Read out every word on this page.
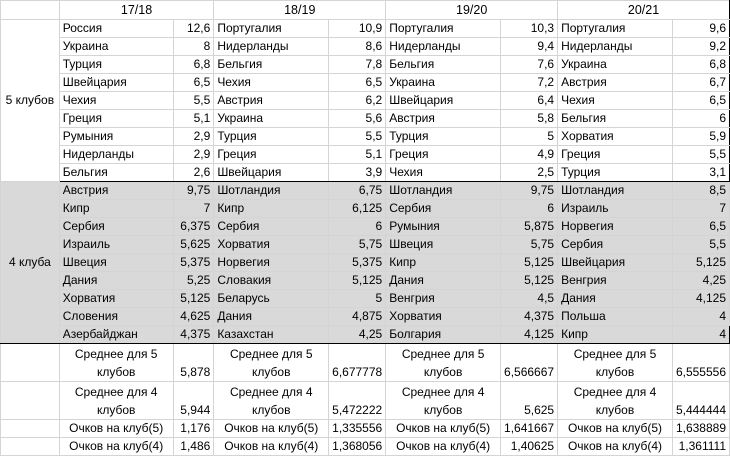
	17/18		18/19		19/20		20/21	
5 клубов	Россия	12,6	Португалия	10,9	Португалия	10,3	Португалия	9,6
	Украина	8	Нидерланды	8,6	Нидерланды	9,4	Нидерланды	9,2
	Турция	6,8	Бельгия	7,8	Бельгия	7,6	Украина	6,8
	Швейцария	6,5	Чехия	6,5	Украина	7,2	Австрия	6,7
	Чехия	5,5	Австрия	6,2	Швейцария	6,4	Чехия	6,5
	Греция	5,1	Украина	5,6	Австрия	5,8	Бельгия	6
	Румыния	2,9	Турция	5,5	Турция	5	Хорватия	5,9
	Нидерланды	2,9	Греция	5,1	Греция	4,9	Греция	5,5
	Бельгия	2,6	Швейцария	3,9	Чехия	2,5	Турция	3,1
4 клуба	Австрия	9,75	Шотландия	6,75	Шотландия	9,75	Шотландия	8,5
	Кипр	7	Кипр	6,125	Сербия	6	Израиль	7
	Сербия	6,375	Сербия	6	Румыния	5,875	Норвегия	6,5
	Израиль	5,625	Хорватия	5,75	Швеция	5,75	Сербия	5,5
	Швеция	5,375	Норвегия	5,375	Кипр	5,125	Швейцария	5,125
	Дания	5,25	Словакия	5,125	Дания	5,125	Венгрия	4,25
	Хорватия	5,125	Беларусь	5	Венгрия	4,5	Дания	4,125
	Словения	4,625	Дания	4,875	Хорватия	4,375	Польша	4
	Азербайджан	4,375	Казахстан	4,25	Болгария	4,125	Кипр	4
	Среднее для 5 клубов	5,878	Среднее для 5 клубов	6,677778	Среднее для 5 клубов	6,566667	Среднее для 5 клубов	6,555556
	Среднее для 4 клубов	5,944	Среднее для 4 клубов	5,472222	Среднее для 4 клубов	5,625	Среднее для 4 клубов	5,444444
	Очков на клуб(5)	1,176	Очков на клуб(5)	1,335556	Очков на клуб(5)	1,641667	Очков на клуб(5)	1,638889
	Очков на клуб(4)	1,486	Очков на клуб(4)	1,368056	Очков на клуб(4)	1,40625	Очков на клуб(4)	1,361111
